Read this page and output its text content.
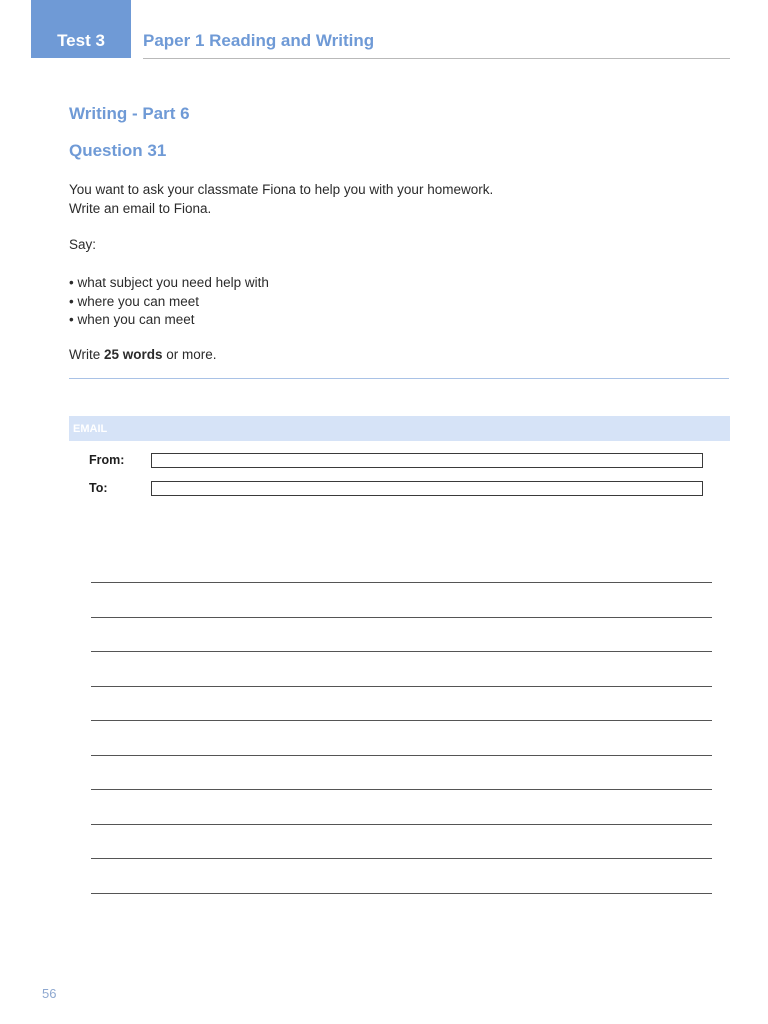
Test 3 Paper 1 Reading and Writing
Writing - Part 6
Question 31

You want to ask your classmate Fiona to help you with your homework.

Write an email to Fiona.

Say:
• what subject you need help with
• where you can meet
• when you can meet
Write 25 words or more.
EMAIL
From:
To:
56
